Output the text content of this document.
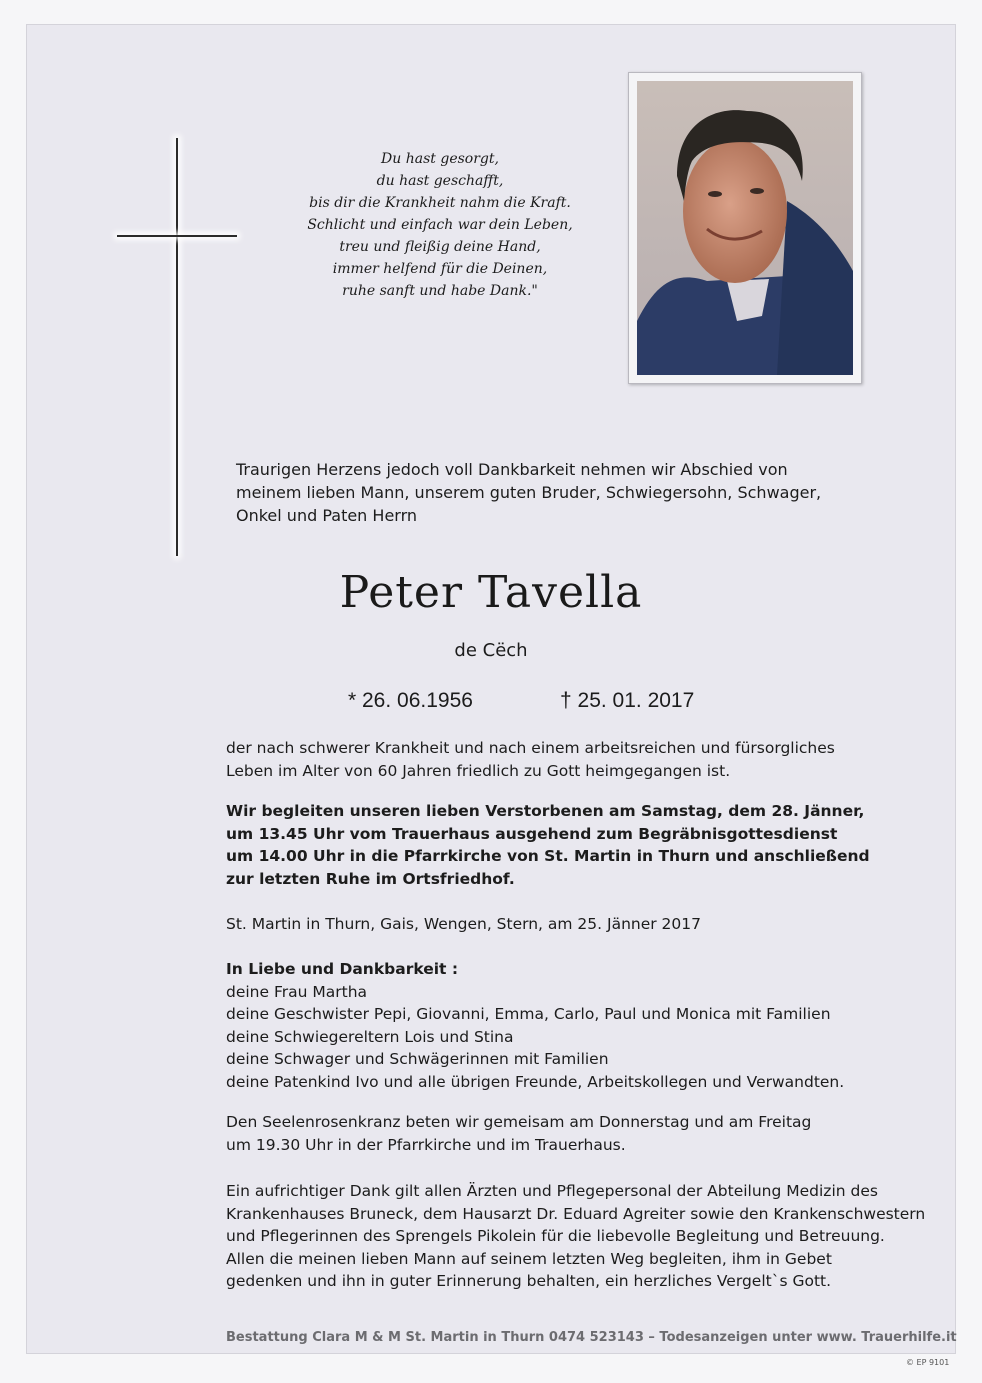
Du hast gesorgt,
du hast geschafft,
bis dir die Krankheit nahm die Kraft.
Schlicht und einfach war dein Leben,
treu und fleißig deine Hand,
immer helfend für die Deinen,
ruhe sanft und habe Dank."
Traurigen Herzens jedoch voll Dankbarkeit nehmen wir Abschied von
meinem lieben Mann, unserem guten Bruder, Schwiegersohn, Schwager,
Onkel und Paten Herrn
Peter Tavella
de Cëch
* 26. 06.1956	† 25. 01. 2017
der nach schwerer Krankheit und nach einem arbeitsreichen und fürsorgliches
Leben im Alter von 60 Jahren friedlich zu Gott heimgegangen ist.
Wir begleiten unseren lieben Verstorbenen am Samstag, dem 28. Jänner,
um 13.45 Uhr vom Trauerhaus ausgehend zum Begräbnisgottesdienst
um 14.00 Uhr in die Pfarrkirche von St. Martin in Thurn und anschließend
zur letzten Ruhe im Ortsfriedhof.
St. Martin in Thurn, Gais, Wengen, Stern, am 25. Jänner 2017
In Liebe und Dankbarkeit :
deine Frau Martha
deine Geschwister Pepi, Giovanni, Emma, Carlo, Paul und Monica mit Familien
deine Schwiegereltern Lois und Stina
deine Schwager und Schwägerinnen mit Familien
deine Patenkind Ivo und alle übrigen Freunde, Arbeitskollegen und Verwandten.
Den Seelenrosenkranz beten wir gemeisam am Donnerstag und am Freitag
um 19.30 Uhr in der Pfarrkirche und im Trauerhaus.
Ein aufrichtiger Dank gilt allen Ärzten und Pflegepersonal der Abteilung Medizin des
Krankenhauses Bruneck, dem Hausarzt Dr. Eduard Agreiter sowie den Krankenschwestern
und Pflegerinnen des Sprengels Pikolein für die liebevolle Begleitung und Betreuung.
Allen die meinen lieben Mann auf seinem letzten Weg begleiten, ihm in Gebet
gedenken und ihn in guter Erinnerung behalten, ein herzliches Vergelt`s Gott.
Bestattung Clara M & M St. Martin in Thurn 0474 523143 – Todesanzeigen unter www. Trauerhilfe.it
© EP 9101
